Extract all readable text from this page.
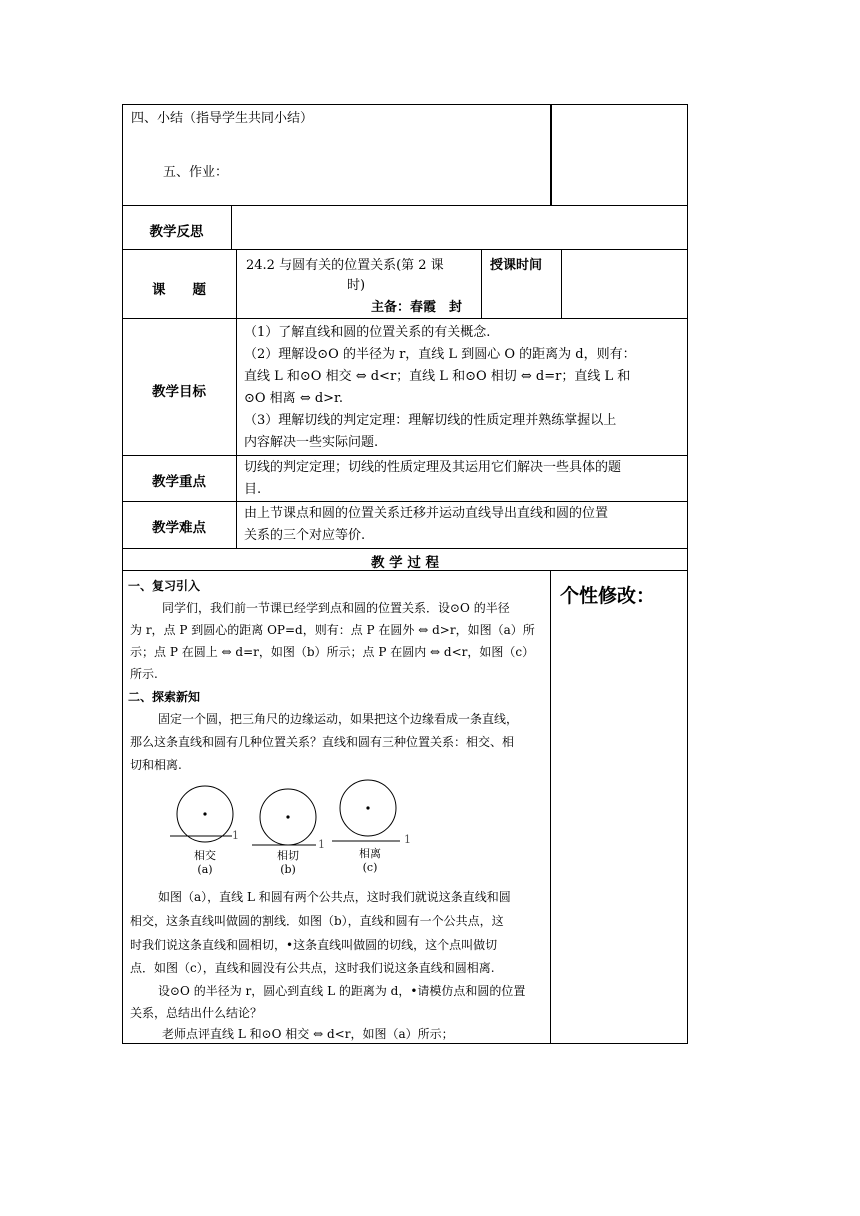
四、小结（指导学生共同小结）
五、作业：
教学反思
课　　题
24.2 与圆有关的位置关系(第 2 课
时)
主备：春霞　封
授课时间
教学目标
（1）了解直线和圆的位置关系的有关概念.
（2）理解设⊙O 的半径为 r，直线 L 到圆心 O 的距离为 d，则有：
直线 L 和⊙O 相交 ⇔ d<r；直线 L 和⊙O 相切 ⇔ d=r；直线 L 和
⊙O 相离 ⇔ d>r.
（3）理解切线的判定定理：理解切线的性质定理并熟练掌握以上
内容解决一些实际问题.
教学重点
切线的判定定理；切线的性质定理及其运用它们解决一些具体的题
目.
教学难点
由上节课点和圆的位置关系迁移并运动直线导出直线和圆的位置
关系的三个对应等价.
教 学 过 程
个性修改：
一、复习引入
同学们，我们前一节课已经学到点和圆的位置关系．设⊙O 的半径
为 r，点 P 到圆心的距离 OP=d，则有：点 P 在圆外 ⇔ d>r，如图（a）所
示；点 P 在圆上 ⇔ d=r，如图（b）所示；点 P 在圆内 ⇔ d<r，如图（c）
所示.
二、探索新知
固定一个圆，把三角尺的边缘运动，如果把这个边缘看成一条直线，
那么这条直线和圆有几种位置关系？直线和圆有三种位置关系：相交、相
切和相离.
1
1	1
相交
(a)
相切
(b)
相离
(c)
如图（a），直线 L 和圆有两个公共点，这时我们就说这条直线和圆
相交，这条直线叫做圆的割线．如图（b），直线和圆有一个公共点，这
时我们说这条直线和圆相切，•这条直线叫做圆的切线，这个点叫做切
点．如图（c），直线和圆没有公共点，这时我们说这条直线和圆相离.
设⊙O 的半径为 r，圆心到直线 L 的距离为 d，•请模仿点和圆的位置
关系，总结出什么结论？
老师点评直线 L 和⊙O 相交 ⇔ d<r，如图（a）所示；
